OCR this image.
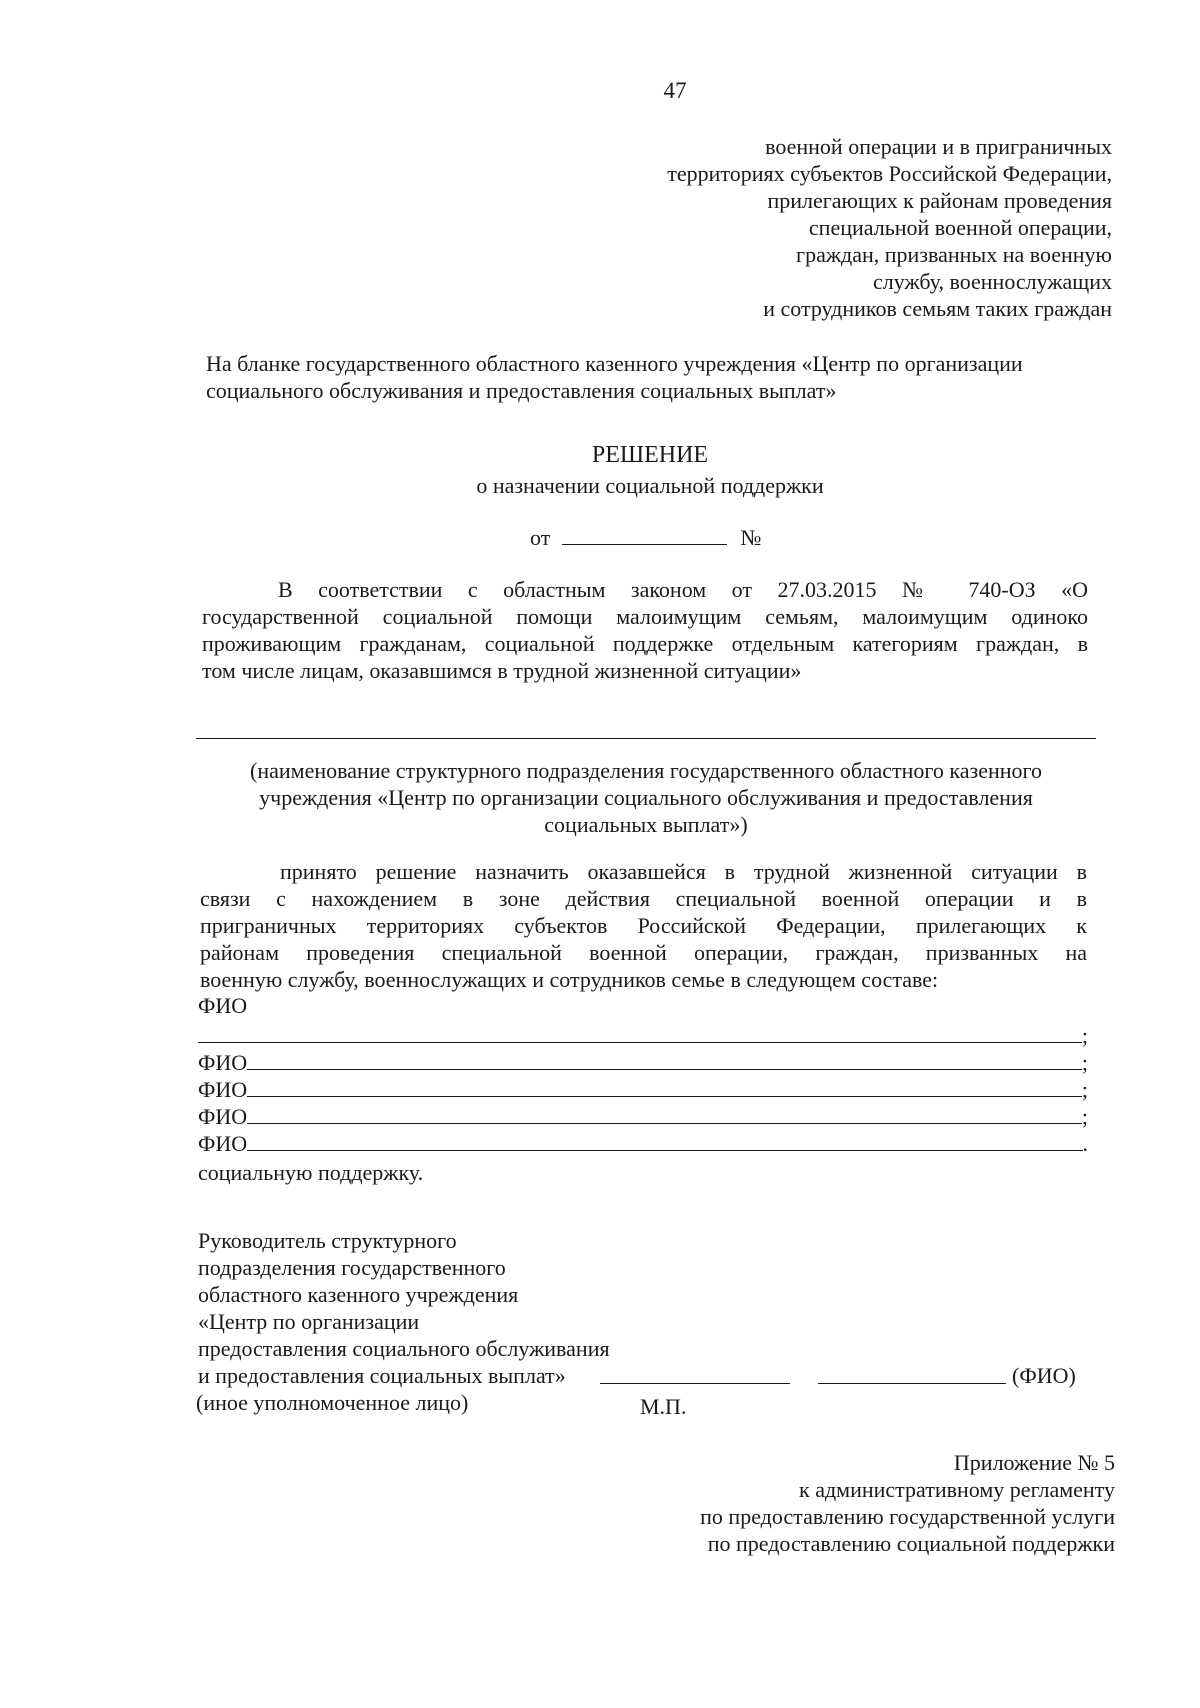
47
военной операции и в приграничных
территориях субъектов Российской Федерации,
прилегающих к районам проведения
специальной военной операции,
граждан, призванных на военную
службу, военнослужащих
и сотрудников семьям таких граждан
На бланке государственного областного казенного учреждения «Центр по организации
социального обслуживания и предоставления социальных выплат»
РЕШЕНИЕ
о назначении социальной поддержки
от	№
В соответствии с областным законом от 27.03.2015 № 740-ОЗ «О
государственной социальной помощи малоимущим семьям, малоимущим одиноко
проживающим гражданам, социальной поддержке отдельным категориям граждан, в
том числе лицам, оказавшимся в трудной жизненной ситуации»
(наименование структурного подразделения государственного областного казенного
учреждения «Центр по организации социального обслуживания и предоставления
социальных выплат»)
принято решение назначить оказавшейся в трудной жизненной ситуации в
связи с нахождением в зоне действия специальной военной операции и в
приграничных территориях субъектов Российской Федерации, прилегающих к
районам проведения специальной военной операции, граждан, призванных на
военную службу, военнослужащих и сотрудников семье в следующем составе:
ФИО
;
ФИО	;
ФИО	;
ФИО	;
ФИО	.
социальную поддержку.
Руководитель структурного
подразделения государственного
областного казенного учреждения
«Центр по организации
предоставления социального обслуживания
и предоставления социальных выплат»	(ФИО)
(иное уполномоченное лицо)	М.П.
Приложение № 5
к административному регламенту
по предоставлению государственной услуги
по предоставлению социальной поддержки
